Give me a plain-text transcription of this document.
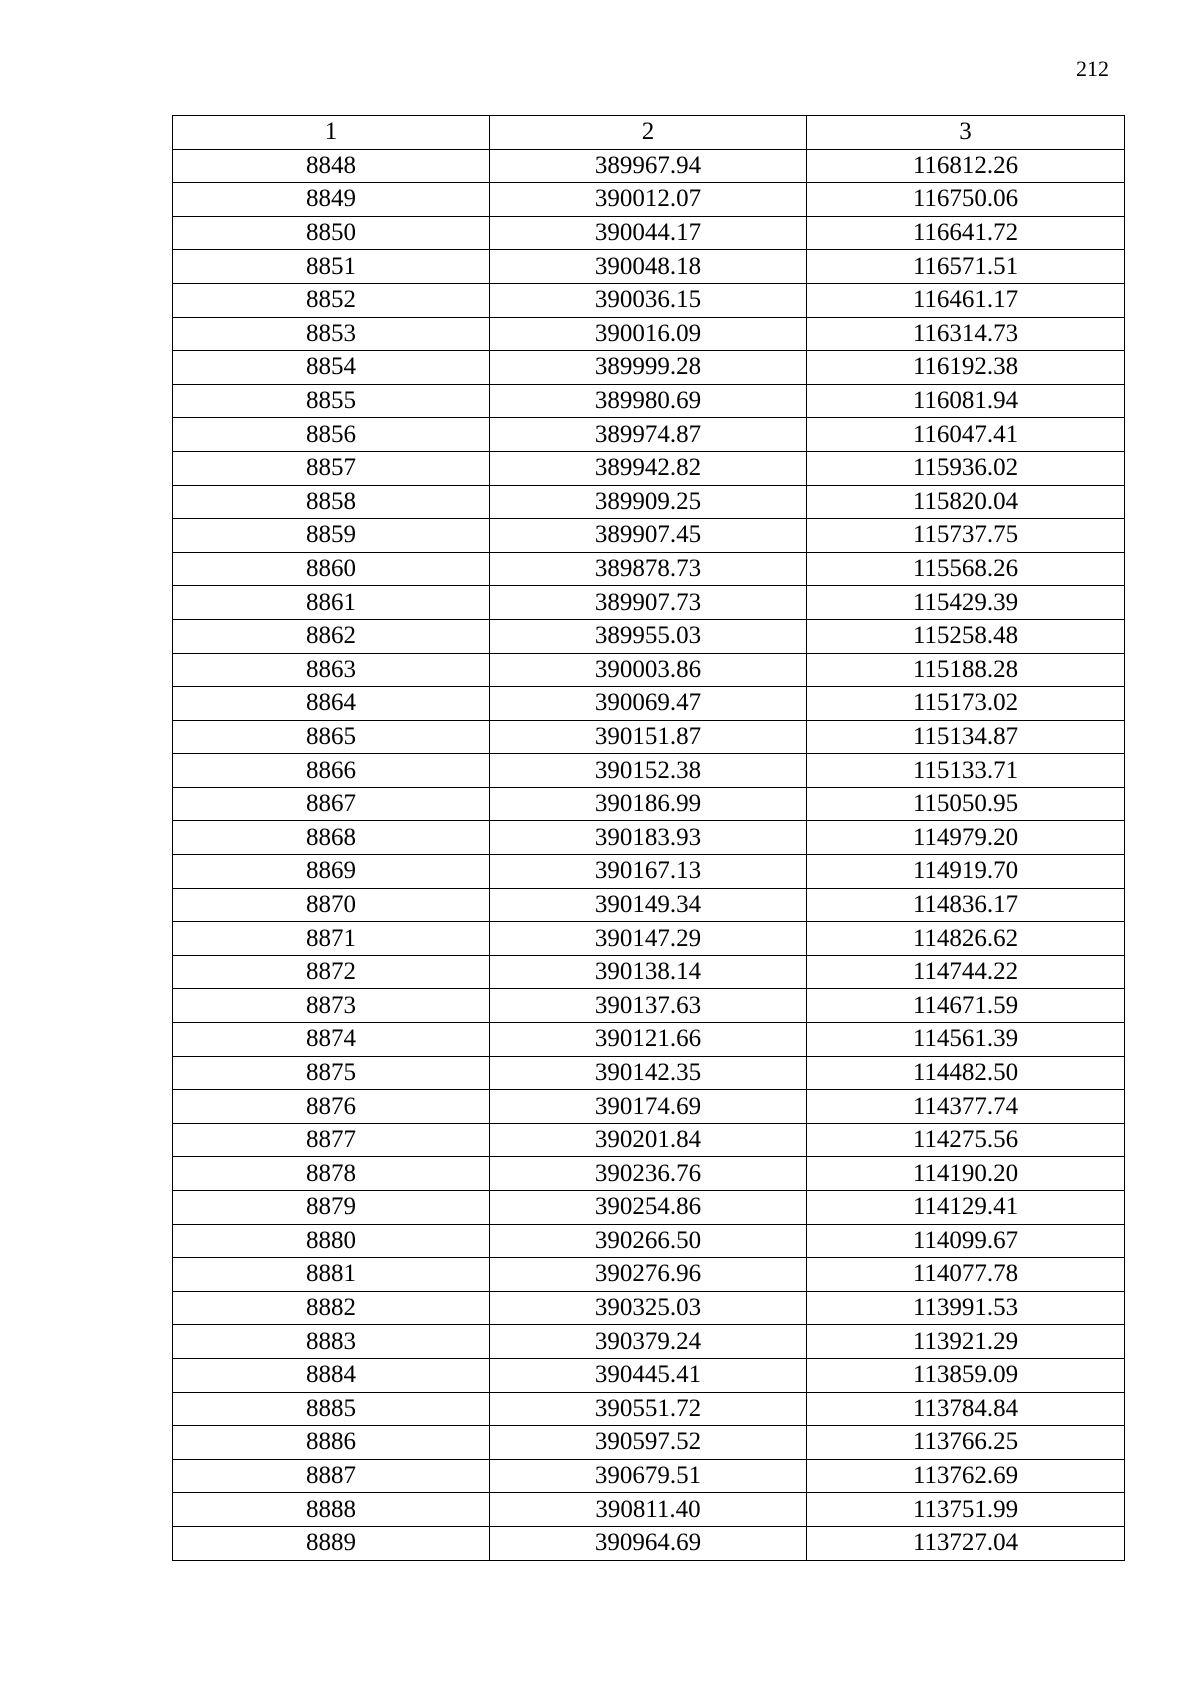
212
1	2	3
8848	389967.94	116812.26
8849	390012.07	116750.06
8850	390044.17	116641.72
8851	390048.18	116571.51
8852	390036.15	116461.17
8853	390016.09	116314.73
8854	389999.28	116192.38
8855	389980.69	116081.94
8856	389974.87	116047.41
8857	389942.82	115936.02
8858	389909.25	115820.04
8859	389907.45	115737.75
8860	389878.73	115568.26
8861	389907.73	115429.39
8862	389955.03	115258.48
8863	390003.86	115188.28
8864	390069.47	115173.02
8865	390151.87	115134.87
8866	390152.38	115133.71
8867	390186.99	115050.95
8868	390183.93	114979.20
8869	390167.13	114919.70
8870	390149.34	114836.17
8871	390147.29	114826.62
8872	390138.14	114744.22
8873	390137.63	114671.59
8874	390121.66	114561.39
8875	390142.35	114482.50
8876	390174.69	114377.74
8877	390201.84	114275.56
8878	390236.76	114190.20
8879	390254.86	114129.41
8880	390266.50	114099.67
8881	390276.96	114077.78
8882	390325.03	113991.53
8883	390379.24	113921.29
8884	390445.41	113859.09
8885	390551.72	113784.84
8886	390597.52	113766.25
8887	390679.51	113762.69
8888	390811.40	113751.99
8889	390964.69	113727.04
